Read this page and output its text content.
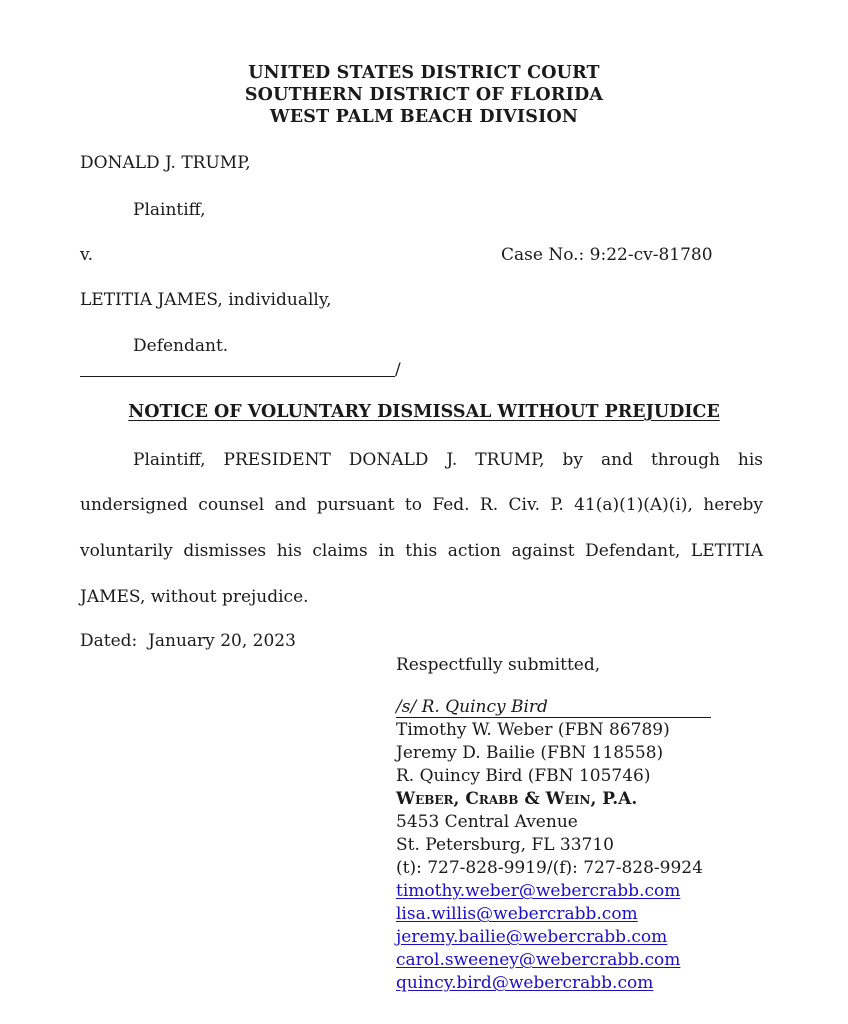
UNITED STATES DISTRICT COURT
SOUTHERN DISTRICT OF FLORIDA
WEST PALM BEACH DIVISION
DONALD J. TRUMP,
Plaintiff,
v.	Case No.: 9:22-cv-81780
LETITIA JAMES, individually,
Defendant.
/
NOTICE OF VOLUNTARY DISMISSAL WITHOUT PREJUDICE
Plaintiff, PRESIDENT DONALD J. TRUMP, by and through his
undersigned counsel and pursuant to Fed. R. Civ. P. 41(a)(1)(A)(i), hereby
voluntarily dismisses his claims in this action against Defendant, LETITIA
JAMES, without prejudice.
Dated:  January 20, 2023
Respectfully submitted,
/s/ R. Quincy Bird
Timothy W. Weber (FBN 86789)
Jeremy D. Bailie (FBN 118558)
R. Quincy Bird (FBN 105746)
Weber, Crabb & Wein, P.A.
5453 Central Avenue
St. Petersburg, FL 33710
(t): 727-828-9919/(f): 727-828-9924
timothy.weber@webercrabb.com
lisa.willis@webercrabb.com
jeremy.bailie@webercrabb.com
carol.sweeney@webercrabb.com
quincy.bird@webercrabb.com
